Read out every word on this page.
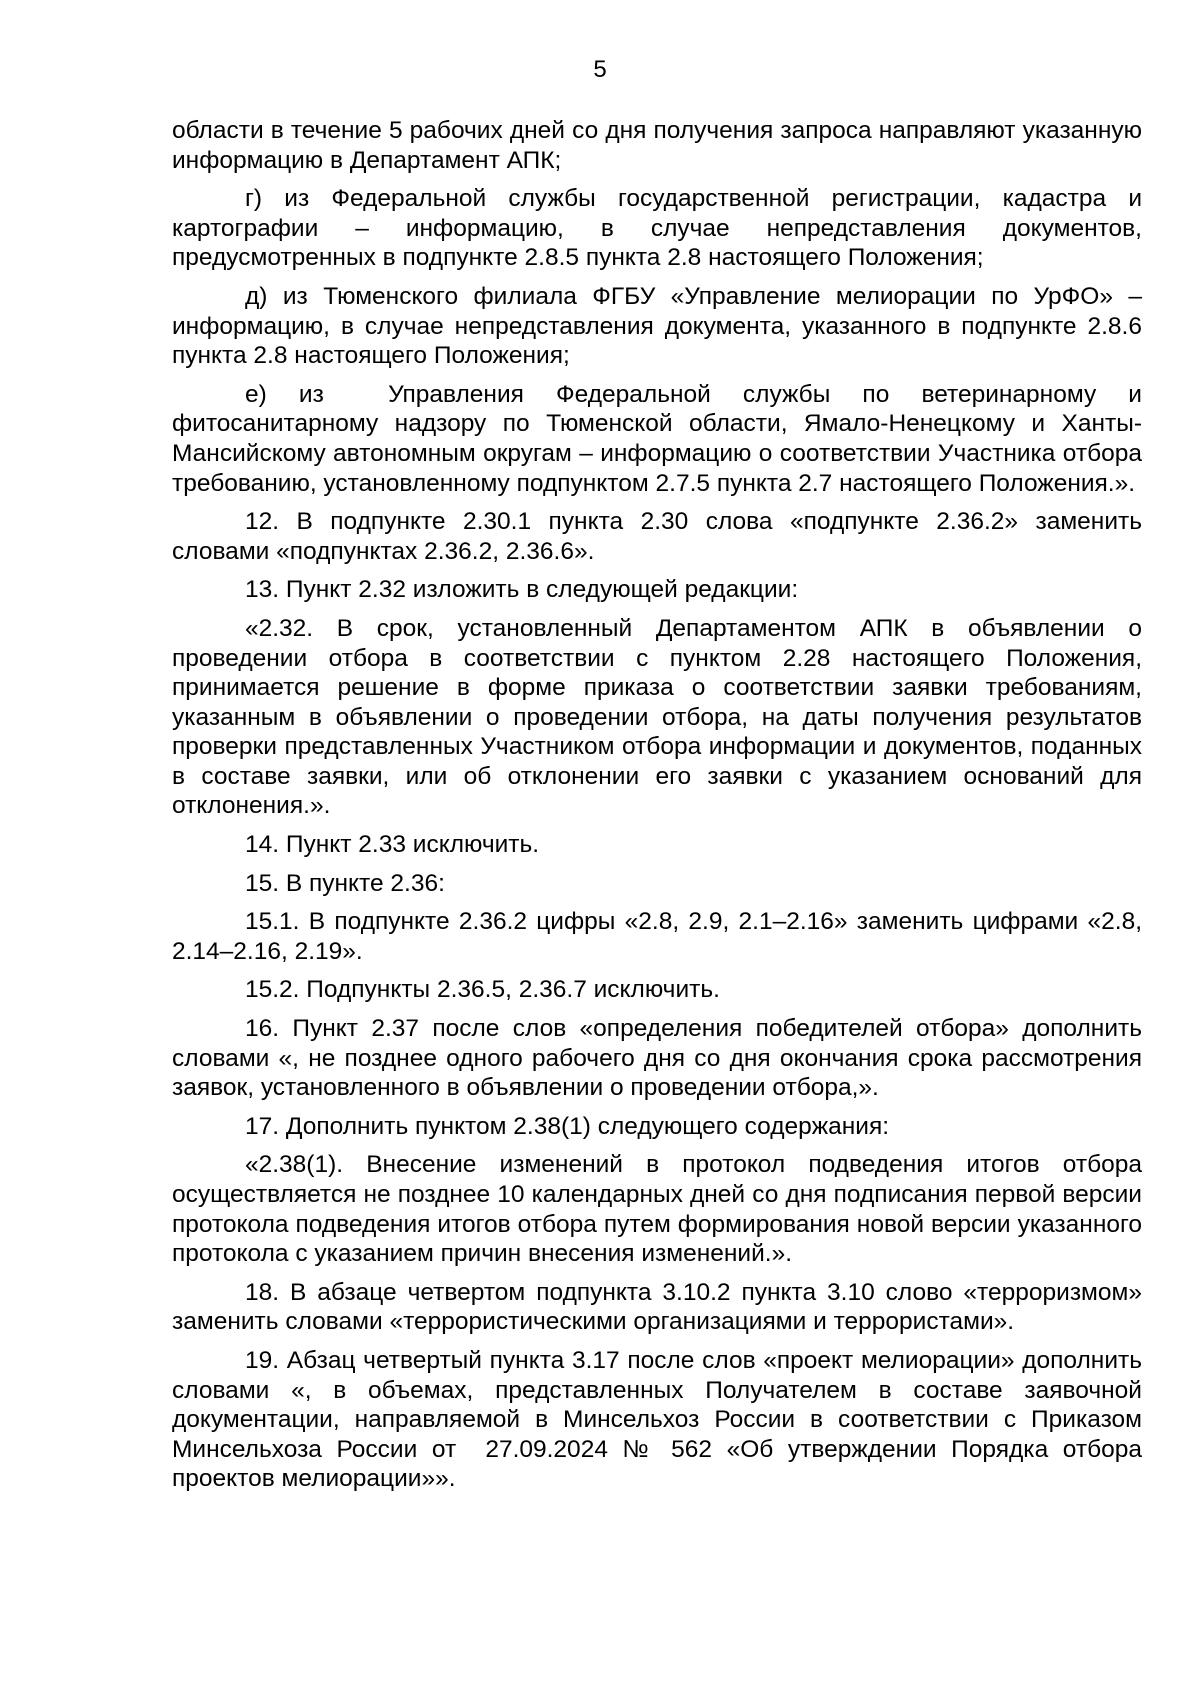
5

области в течение 5 рабочих дней со дня получения запроса направляют указанную информацию в Департамент АПК;

г) из Федеральной службы государственной регистрации, кадастра и картографии – информацию, в случае непредставления документов, предусмотренных в подпункте 2.8.5 пункта 2.8 настоящего Положения;

д) из Тюменского филиала ФГБУ «Управление мелиорации по УрФО» – информацию, в случае непредставления документа, указанного в подпункте 2.8.6 пункта 2.8 настоящего Положения;

е) из  Управления Федеральной службы по ветеринарному и фитосанитарному надзору по Тюменской области, Ямало-Ненецкому и Ханты-Мансийскому автономным округам – информацию о соответствии Участника отбора требованию, установленному подпунктом 2.7.5 пункта 2.7 настоящего Положения.».

12. В подпункте 2.30.1 пункта 2.30 слова «подпункте 2.36.2» заменить словами «подпунктах 2.36.2, 2.36.6».

13. Пункт 2.32 изложить в следующей редакции:

«2.32. В срок, установленный Департаментом АПК в объявлении о проведении отбора в соответствии с пунктом 2.28 настоящего Положения, принимается решение в форме приказа о соответствии заявки требованиям, указанным в объявлении о проведении отбора, на даты получения результатов проверки представленных Участником отбора информации и документов, поданных в составе заявки, или об отклонении его заявки с указанием оснований для отклонения.».

14. Пункт 2.33 исключить.

15. В пункте 2.36:

15.1. В подпункте 2.36.2 цифры «2.8, 2.9, 2.1–2.16» заменить цифрами «2.8, 2.14–2.16, 2.19».

15.2. Подпункты 2.36.5, 2.36.7 исключить.

16. Пункт 2.37 после слов «определения победителей отбора» дополнить словами «, не позднее одного рабочего дня со дня окончания срока рассмотрения заявок, установленного в объявлении о проведении отбора,».

17. Дополнить пунктом 2.38(1) следующего содержания:

«2.38(1). Внесение изменений в протокол подведения итогов отбора осуществляется не позднее 10 календарных дней со дня подписания первой версии протокола подведения итогов отбора путем формирования новой версии указанного протокола с указанием причин внесения изменений.».

18. В абзаце четвертом подпункта 3.10.2 пункта 3.10 слово «терроризмом» заменить словами «террористическими организациями и террористами».

19. Абзац четвертый пункта 3.17 после слов «проект мелиорации» дополнить словами «, в объемах, представленных Получателем в составе заявочной документации, направляемой в Минсельхоз России в соответствии с Приказом Минсельхоза России от  27.09.2024 № 562 «Об утверждении Порядка отбора проектов мелиорации»».
